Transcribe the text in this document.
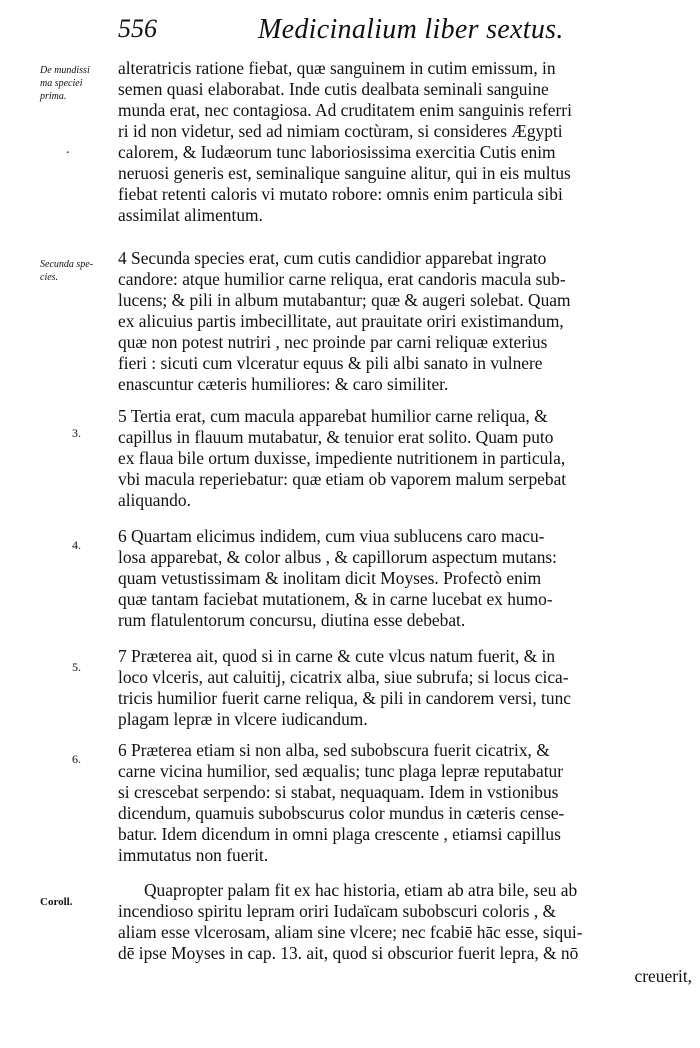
556	Medicinalium liber sextus.
De mundissi
ma speciei
prima.
.
Secunda spe-
cies.
3.
4.
5.
6.
Coroll.
alteratricis ratione fiebat, quæ sanguinem in cutim emissum, in
semen quasi elaborabat. Inde cutis dealbata seminali sanguine
munda erat, nec contagiosa. Ad cruditatem enim sanguinis referri
ri id non videtur, sed ad nimiam coctùram, si consideres Ægypti
calorem, & Iudæorum tunc laboriosissima exercitia Cutis enim
neruosi generis est, seminalique sanguine alitur, qui in eis multus
fiebat retenti caloris vi mutato robore: omnis enim particula sibi
assimilat alimentum.
4 Secunda species erat, cum cutis candidior apparebat ingrato
candore: atque humilior carne reliqua, erat candoris macula sub-
lucens; & pili in album mutabantur; quæ & augeri solebat. Quam
ex alicuius partis imbecillitate, aut prauitate oriri existimandum,
quæ non potest nutriri , nec proinde par carni reliquæ exterius
fieri : sicuti cum vlceratur equus & pili albi sanato in vulnere
enascuntur cæteris humiliores: & caro similiter.
5 Tertia erat, cum macula apparebat humilior carne reliqua, &
capillus in flauum mutabatur, & tenuior erat solito. Quam puto
ex flaua bile ortum duxisse, impediente nutritionem in particula,
vbi macula reperiebatur: quæ etiam ob vaporem malum serpebat
aliquando.
6 Quartam elicimus indidem, cum viua sublucens caro macu-
losa apparebat, & color albus , & capillorum aspectum mutans:
quam vetustissimam & inolitam dicit Moyses. Profectò enim
quæ tantam faciebat mutationem, & in carne lucebat ex humo-
rum flatulentorum concursu, diutina esse debebat.
7 Præterea ait, quod si in carne & cute vlcus natum fuerit, & in
loco vlceris, aut caluitij, cicatrix alba, siue subrufa; si locus cica-
tricis humilior fuerit carne reliqua, & pili in candorem versi, tunc
plagam lepræ in vlcere iudicandum.
6 Præterea etiam si non alba, sed subobscura fuerit cicatrix, &
carne vicina humilior, sed æqualis; tunc plaga lepræ reputabatur
si crescebat serpendo: si stabat, nequaquam. Idem in vstionibus
dicendum, quamuis subobscurus color mundus in cæteris cense-
batur. Idem dicendum in omni plaga crescente , etiamsi capillus
immutatus non fuerit.
Quapropter palam fit ex hac historia, etiam ab atra bile, seu ab
incendioso spiritu lepram oriri Iudaïcam subobscuri coloris , &
aliam esse vlcerosam, aliam sine vlcere; nec fcabiē hāc esse, siqui-
dē ipse Moyses in cap. 13. ait, quod si obscurior fuerit lepra, & nō
creuerit,
